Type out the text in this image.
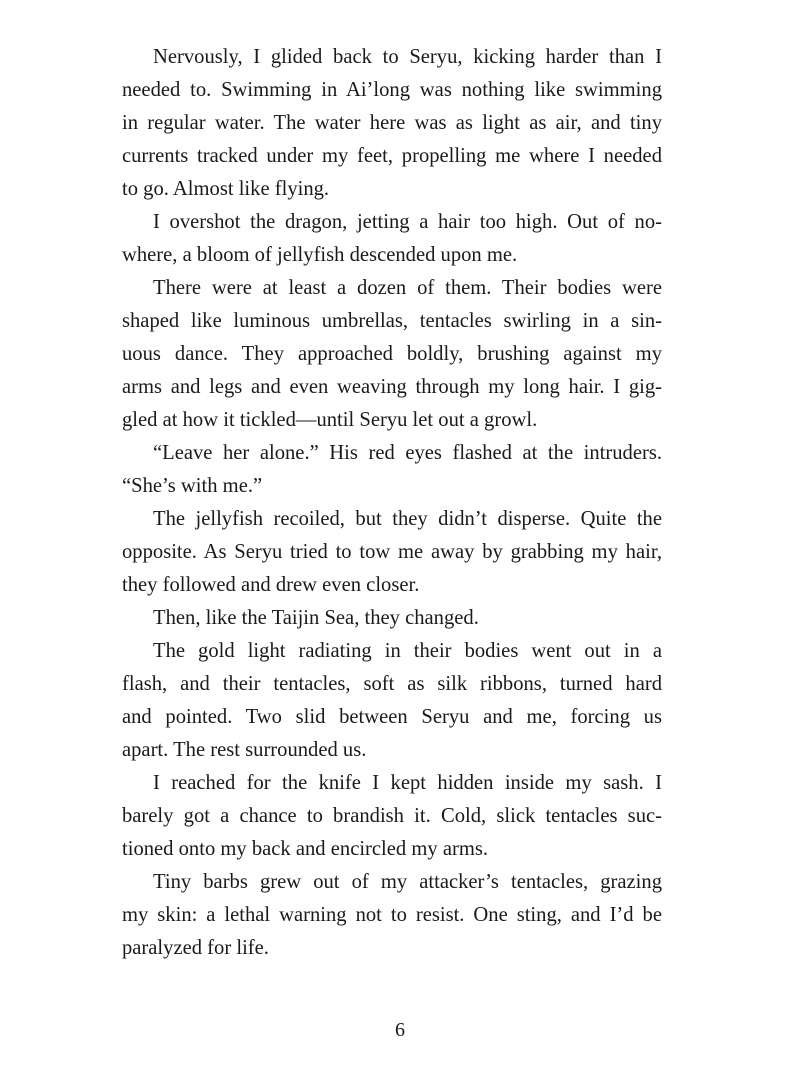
Nervously, I glided back to Seryu, kicking harder than I
needed to. Swimming in Ai’long was nothing like swimming
in regular water. The water here was as light as air, and tiny
currents tracked under my feet, propelling me where I needed
to go. Almost like flying.
I overshot the dragon, jetting a hair too high. Out of no-
where, a bloom of jellyfish descended upon me.
There were at least a dozen of them. Their bodies were
shaped like luminous umbrellas, tentacles swirling in a sin-
uous dance. They approached boldly, brushing against my
arms and legs and even weaving through my long hair. I gig-
gled at how it tickled—until Seryu let out a growl.
“Leave her alone.” His red eyes flashed at the intruders.
“She’s with me.”
The jellyfish recoiled, but they didn’t disperse. Quite the
opposite. As Seryu tried to tow me away by grabbing my hair,
they followed and drew even closer.
Then, like the Taijin Sea, they changed.
The gold light radiating in their bodies went out in a
flash, and their tentacles, soft as silk ribbons, turned hard
and pointed. Two slid between Seryu and me, forcing us
apart. The rest surrounded us.
I reached for the knife I kept hidden inside my sash. I
barely got a chance to brandish it. Cold, slick tentacles suc-
tioned onto my back and encircled my arms.
Tiny barbs grew out of my attacker’s tentacles, grazing
my skin: a lethal warning not to resist. One sting, and I’d be
paralyzed for life.
6
